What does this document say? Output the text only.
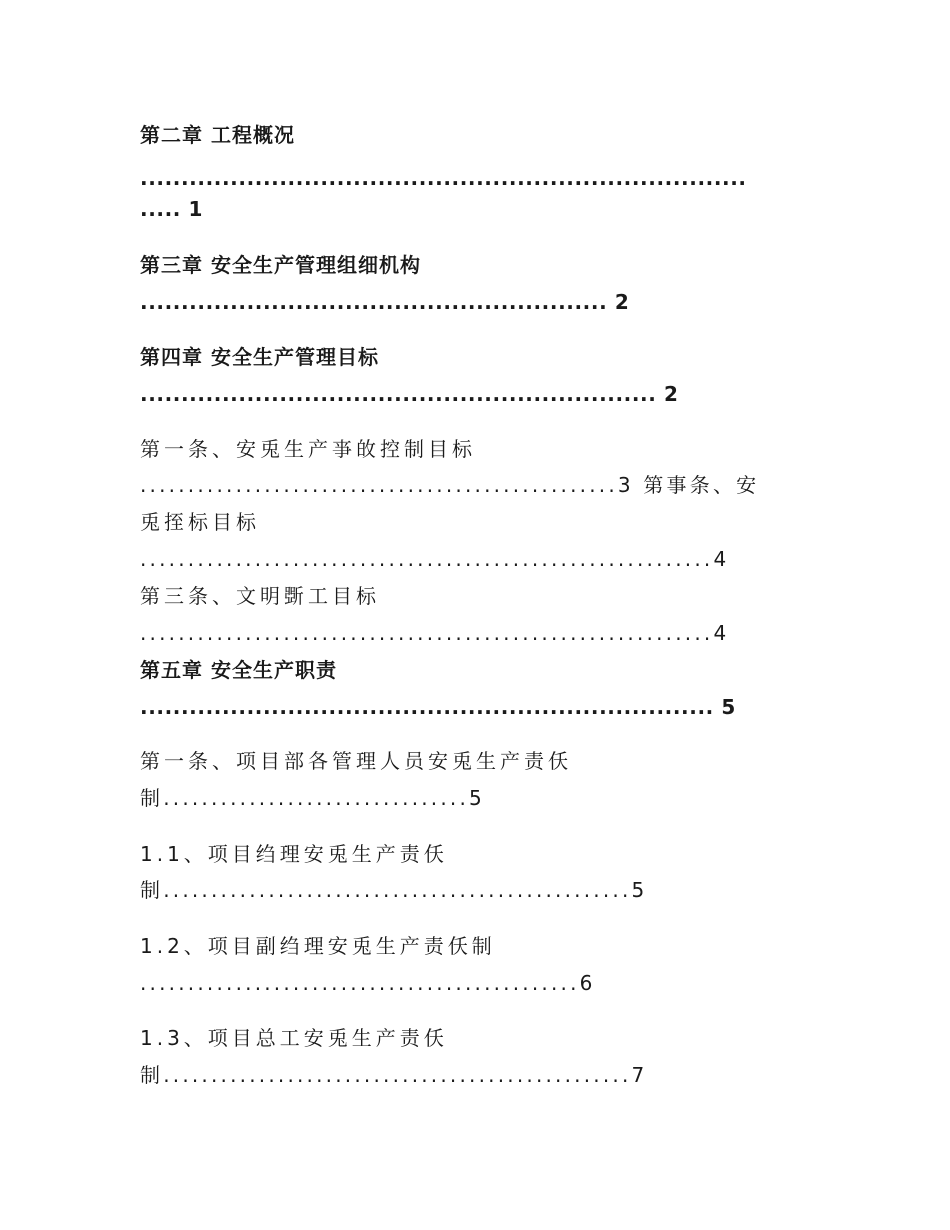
第二章 工程概况
..........................................................................
..... 1
第三章 安全生产管理组细机构
......................................................... 2
第四章 安全生产管理目标
............................................................... 2
第一条、安兎生产亊敀控制目标
..................................................3 第事条、安
兎挃标目标
............................................................4
第三条、文明斲工目标
............................................................4
第五章 安全生产职责
...................................................................... 5
第一条、项目部各管理人员安兎生产责仸
制................................5
1.1、项目绉理安兎生产责仸
制.................................................5
1.2、项目副绉理安兎生产责仸制
..............................................6
1.3、项目总工安兎生产责仸
制.................................................7
